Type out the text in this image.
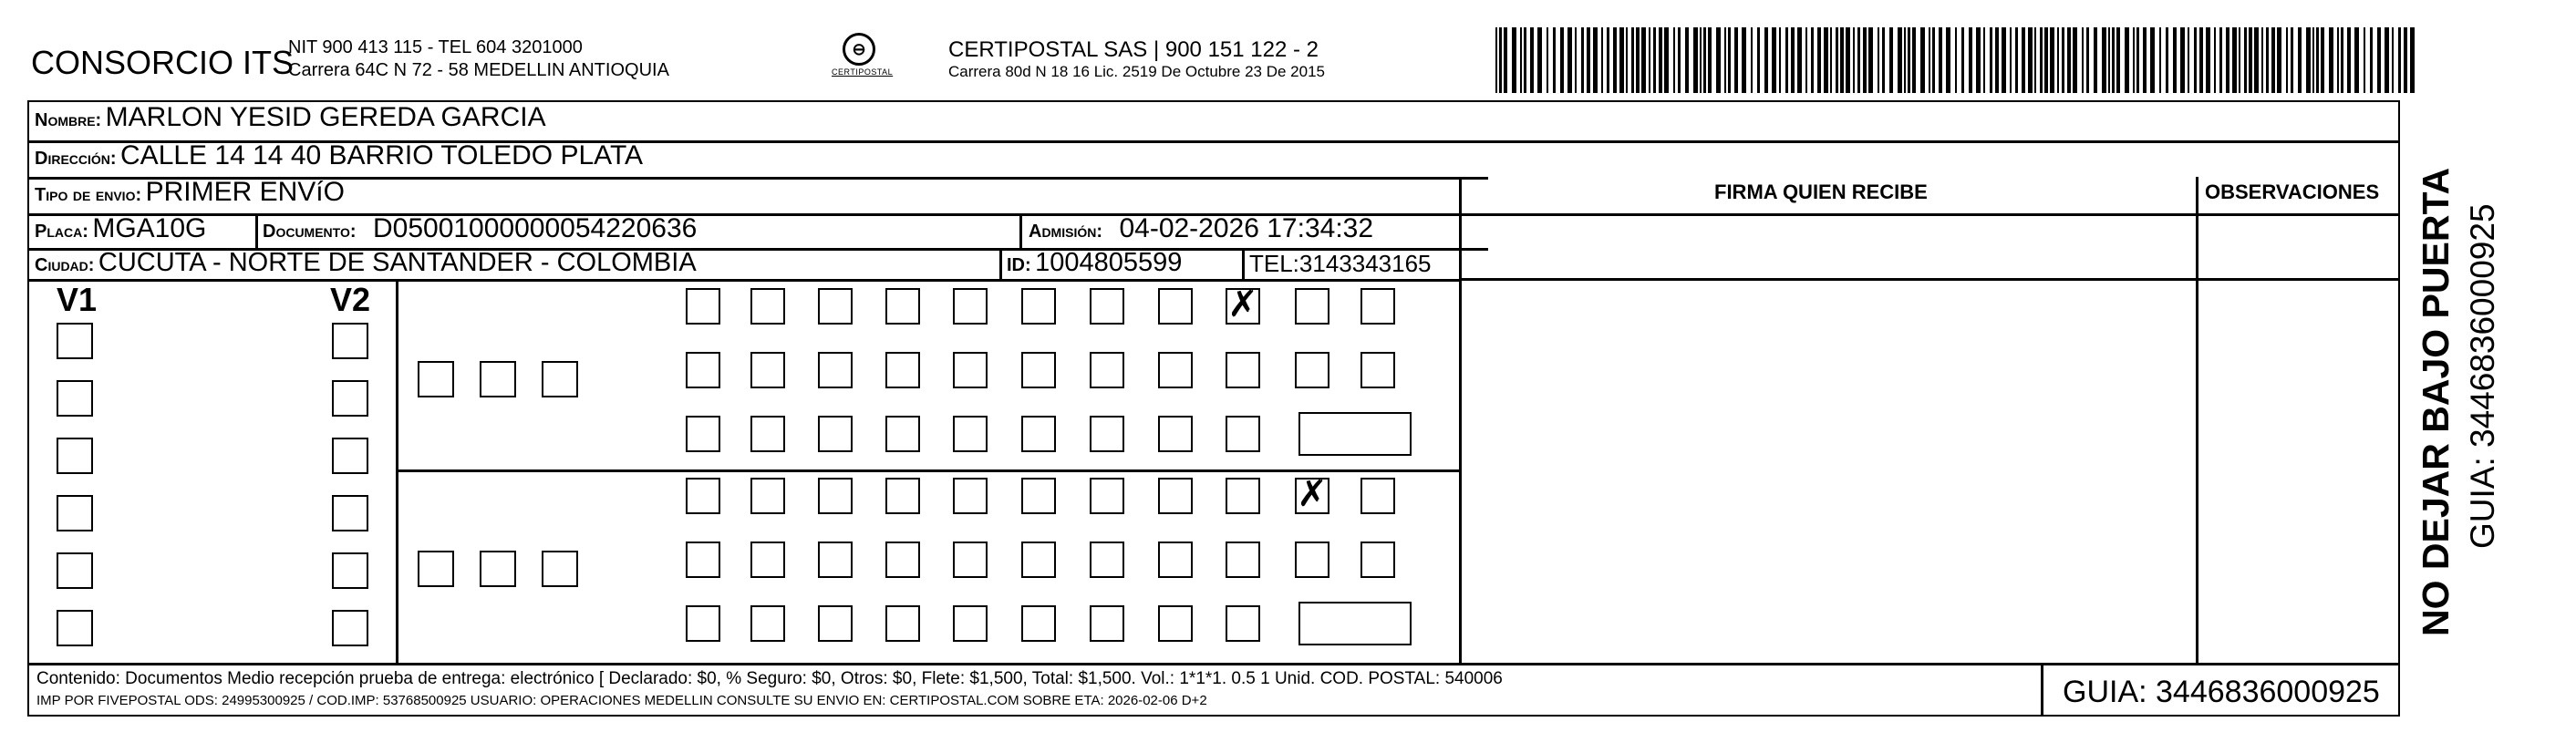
CONSORCIO ITS
NIT 900 413 115 - TEL 604 3201000
Carrera 64C N 72 - 58 MEDELLIN ANTIOQUIA
⊖
CERTIPOSTAL
CERTIPOSTAL SAS | 900 151 122 - 2
Carrera 80d N 18 16 Lic. 2519 De Octubre 23 De 2015
Nombre: MARLON YESID GEREDA GARCIA
Dirección: CALLE 14 14 40 BARRIO TOLEDO PLATA
Tipo de envio: PRIMER ENVíO	FIRMA QUIEN RECIBE	OBSERVACIONES
Placa: MGA10G	Documento: D05001000000054220636	Admisión: 04-02-2026 17:34:32
Ciudad: CUCUTA - NORTE DE SANTANDER - COLOMBIA	ID: 1004805599	TEL:3143343165
V1	V2	✗
✗
Contenido: Documentos Medio recepción prueba de entrega: electrónico [ Declarado: $0, % Seguro: $0, Otros: $0, Flete: $1,500, Total: $1,500. Vol.: 1*1*1. 0.5 1 Unid. COD. POSTAL: 540006
IMP POR FIVEPOSTAL ODS: 24995300925 / COD.IMP: 53768500925 USUARIO: OPERACIONES MEDELLIN CONSULTE SU ENVIO EN: CERTIPOSTAL.COM SOBRE ETA: 2026-02-06 D+2	GUIA: 3446836000925
NO DEJAR BAJO PUERTA GUIA: 3446836000925
